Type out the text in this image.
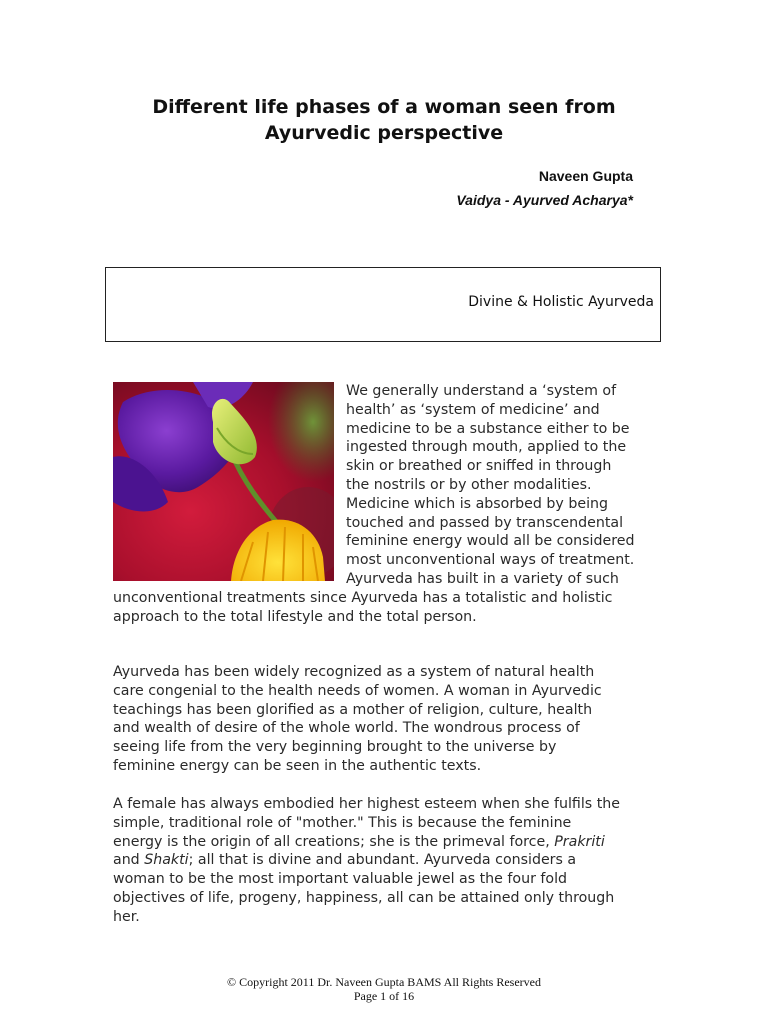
Different life phases of a woman seen from
Ayurvedic perspective
Naveen Gupta
Vaidya - Ayurved Acharya*
Divine & Holistic Ayurveda
We generally understand a ‘system of
health’ as ‘system of medicine’ and
medicine to be a substance either to be
ingested through mouth, applied to the
skin or breathed or sniffed in through
the nostrils or by other modalities.
Medicine which is absorbed by being
touched and passed by transcendental
feminine energy would all be considered
most unconventional ways of treatment.
Ayurveda has built in a variety of such
unconventional treatments since Ayurveda has a totalistic and holistic
approach to the total lifestyle and the total person.
Ayurveda has been widely recognized as a system of natural health
care congenial to the health needs of women. A woman in Ayurvedic
teachings has been glorified as a mother of religion, culture, health
and wealth of desire of the whole world. The wondrous process of
seeing life from the very beginning brought to the universe by
feminine energy can be seen in the authentic texts.
A female has always embodied her highest esteem when she fulfils the
simple, traditional role of "mother." This is because the feminine
energy is the origin of all creations; she is the primeval force, Prakriti
and Shakti; all that is divine and abundant. Ayurveda considers a
woman to be the most important valuable jewel as the four fold
objectives of life, progeny, happiness, all can be attained only through
her.
© Copyright 2011 Dr. Naveen Gupta BAMS All Rights Reserved
Page 1 of 16
